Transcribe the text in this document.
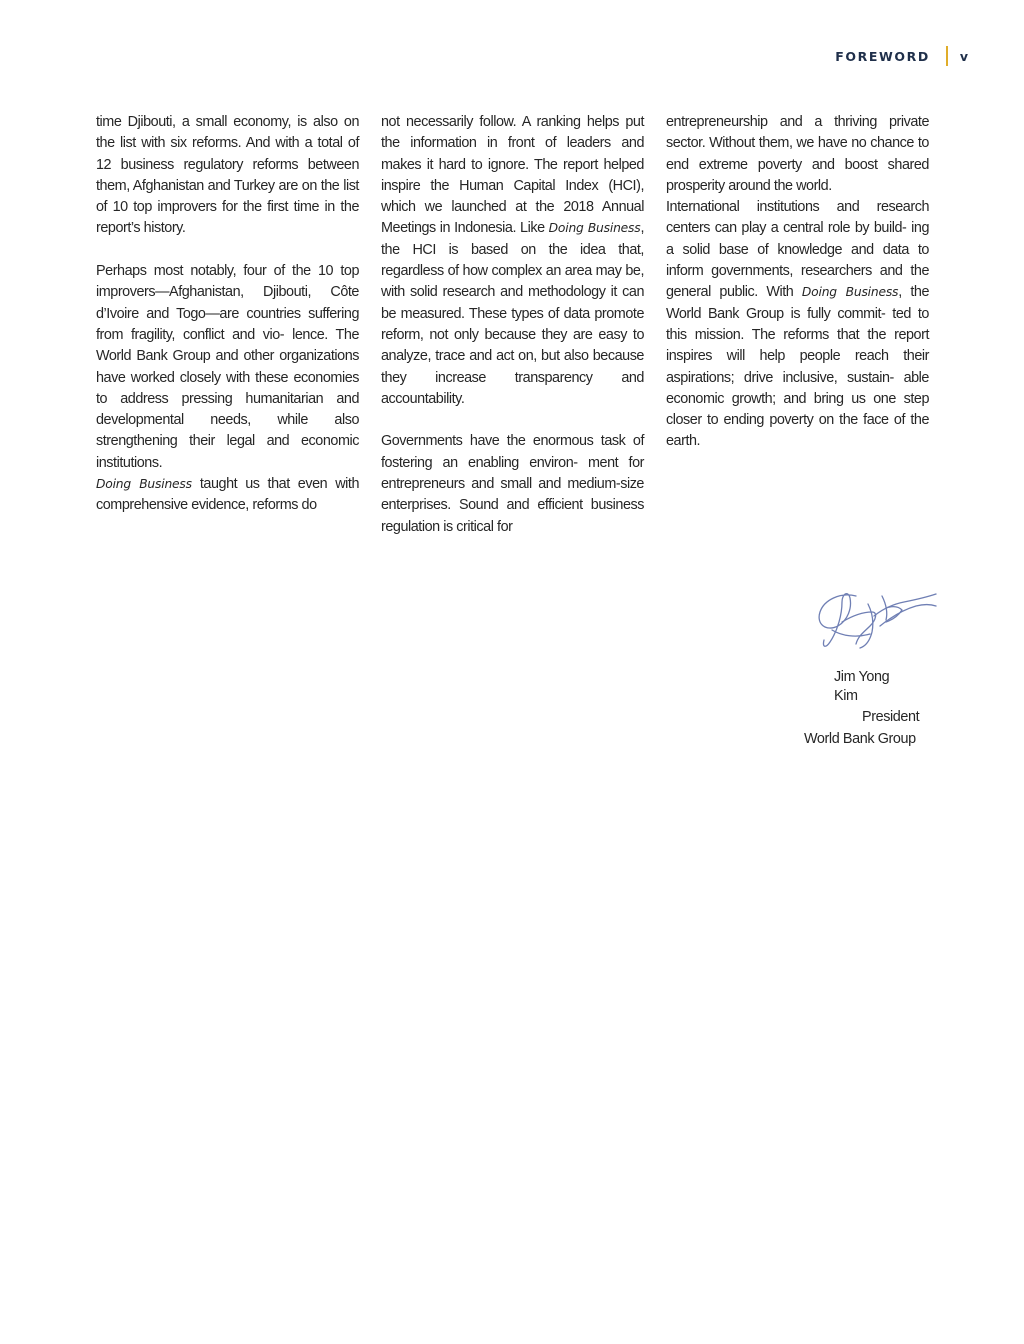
FOREWORD v

time Djibouti, a small economy, is also on the list with six reforms. And with a total of 12 business regulatory reforms between them, Afghanistan and Turkey are on the list of 10 top improvers for the first time in the report’s history.

Perhaps most notably, four of the 10 top improvers—Afghanistan, Djibouti, Côte d’Ivoire and Togo—are countries suffering from fragility, conflict and vio- lence. The World Bank Group and other organizations have worked closely with these economies to address pressing humanitarian and developmental needs, while also strengthening their legal and economic institutions.

Doing Business taught us that even with comprehensive evidence, reforms do

not necessarily follow. A ranking helps put the information in front of leaders and makes it hard to ignore. The report helped inspire the Human Capital Index (HCI), which we launched at the 2018 Annual Meetings in Indonesia. Like Doing Business, the HCI is based on the idea that, regardless of how complex an area may be, with solid research and methodology it can be measured. These types of data promote reform, not only because they are easy to analyze, trace and act on, but also because they increase transparency and accountability.

Governments have the enormous task of fostering an enabling environ- ment for entrepreneurs and small and medium-size enterprises. Sound and efficient business regulation is critical for

entrepreneurship and a thriving private sector. Without them, we have no chance to end extreme poverty and boost shared prosperity around the world.

International institutions and research centers can play a central role by build- ing a solid base of knowledge and data to inform governments, researchers and the general public. With Doing Business, the World Bank Group is fully commit- ted to this mission. The reforms that the report inspires will help people reach their aspirations; drive inclusive, sustain- able economic growth; and bring us one step closer to ending poverty on the face of the earth.

Jim Yong Kim
President
World Bank Group
